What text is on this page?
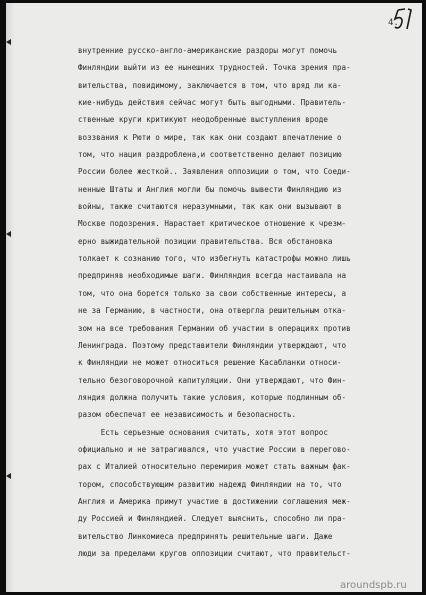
4.
внутренние русско-англо-американские раздоры могут помочь
Финляндии выйти из ее нынешних трудностей. Точка зрения пра-
вительства, повидимому, заключается в том, что вряд ли ка-
кие-нибудь действия сейчас могут быть выгодными. Правитель-
ственные круги критикуют неодобренные выступления вроде
воззвания к Рюти о мире, так как они создают впечатление о
том, что нация раздроблена,и соответственно делают позицию
России более жесткой.. Заявления оппозиции о том, что Соеди-
ненные Штаты и Англия могли бы помочь вывести Финляндию из
войны, также считаются неразумными, так как они вызывают в
Москве подозрения. Нарастает критическое отношение к чрезм-
ерно выжидательной позиции правительства. Вся обстановка
толкает к сознанию того, что избегнуть катастрофы можно лишь
предприняв необходимые шаги. Финляндия всегда настаивала на
том, что она борется только за свои собственные интересы, а
не за Германию, в частности, она отвергла решительным отка-
зом на все требования Германии об участии в операциях против
Ленинграда. Поэтому представители Финляндии утверждают, что
к Финляндии не может относиться решение Касабланки относи-
тельно безоговорочной капитуляции. Они утверждают, что Фин-
ляндия должна получить такие условия, которые подлинным об-
разом обеспечат ее независимость и безопасность.
Есть серьезные основания считать, хотя этот вопрос
официально и не затрагивался, что участие России в перегово-
рах с Италией относительно перемирия может стать важным фак-
тором, способствующим развитию надежд Финляндии на то, что
Англия и Америка примут участие в достижении соглашения меж-
ду Россией и Финляндией. Следует выяснить, способно ли пра-
вительство Линкомиеса предпринять решительные шаги. Даже
люди за пределами кругов оппозиции считают, что правительст-
aroundspb.ru
